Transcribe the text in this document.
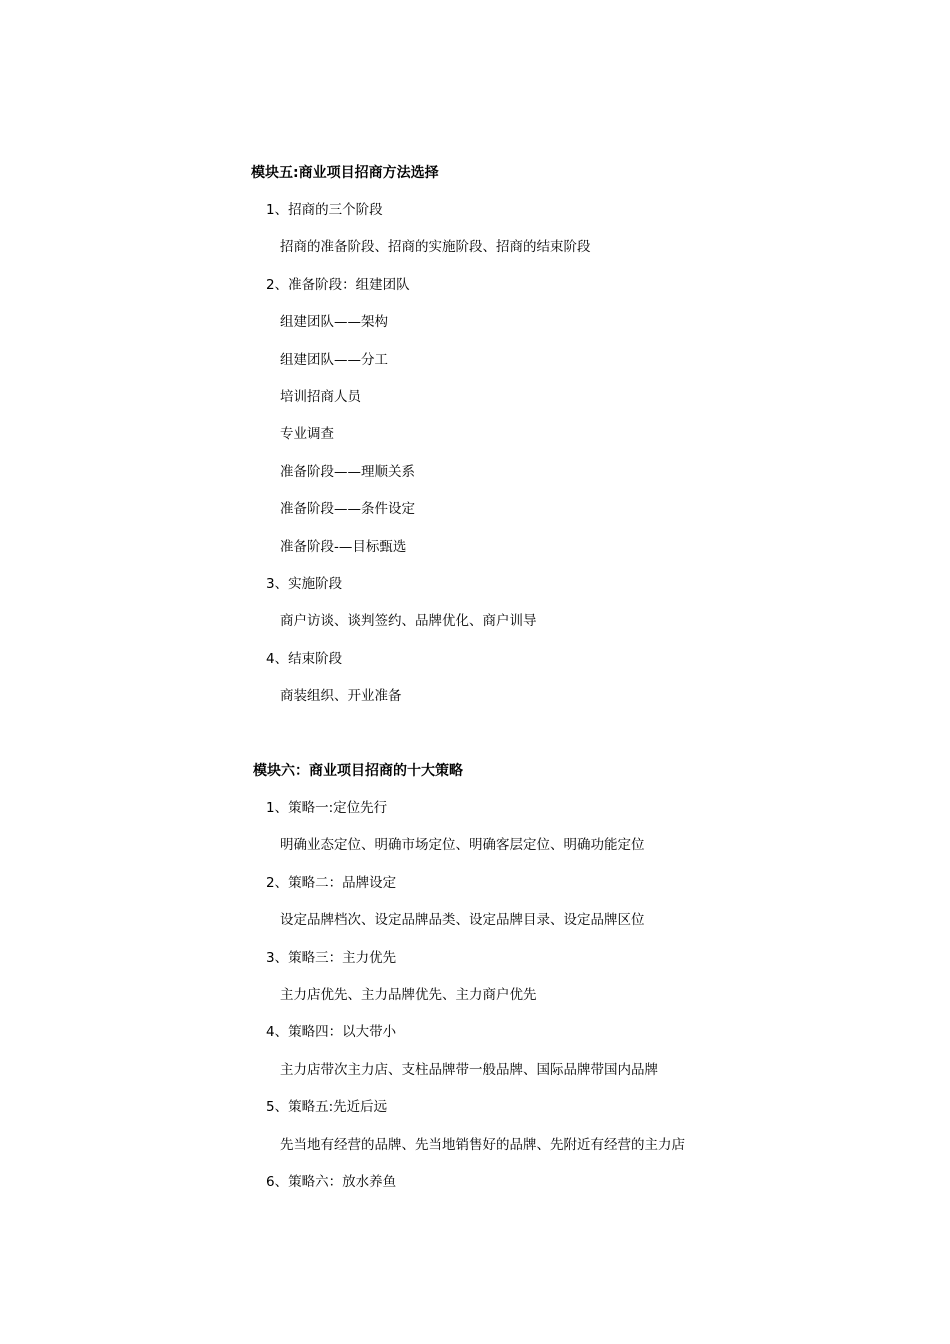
模块五:商业项目招商方法选择
1、招商的三个阶段
招商的准备阶段、招商的实施阶段、招商的结束阶段
2、准备阶段：组建团队
组建团队——架构
组建团队——分工
培训招商人员
专业调查
准备阶段——理顺关系
准备阶段——条件设定
准备阶段-—目标甄选
3、实施阶段
商户访谈、谈判签约、品牌优化、商户训导
4、结束阶段
商装组织、开业准备
模块六：商业项目招商的十大策略
1、策略一:定位先行
明确业态定位、明确市场定位、明确客层定位、明确功能定位
2、策略二：品牌设定
设定品牌档次、设定品牌品类、设定品牌目录、设定品牌区位
3、策略三：主力优先
主力店优先、主力品牌优先、主力商户优先
4、策略四：以大带小
主力店带次主力店、支柱品牌带一般品牌、国际品牌带国内品牌
5、策略五:先近后远
先当地有经营的品牌、先当地销售好的品牌、先附近有经营的主力店
6、策略六：放水养鱼
